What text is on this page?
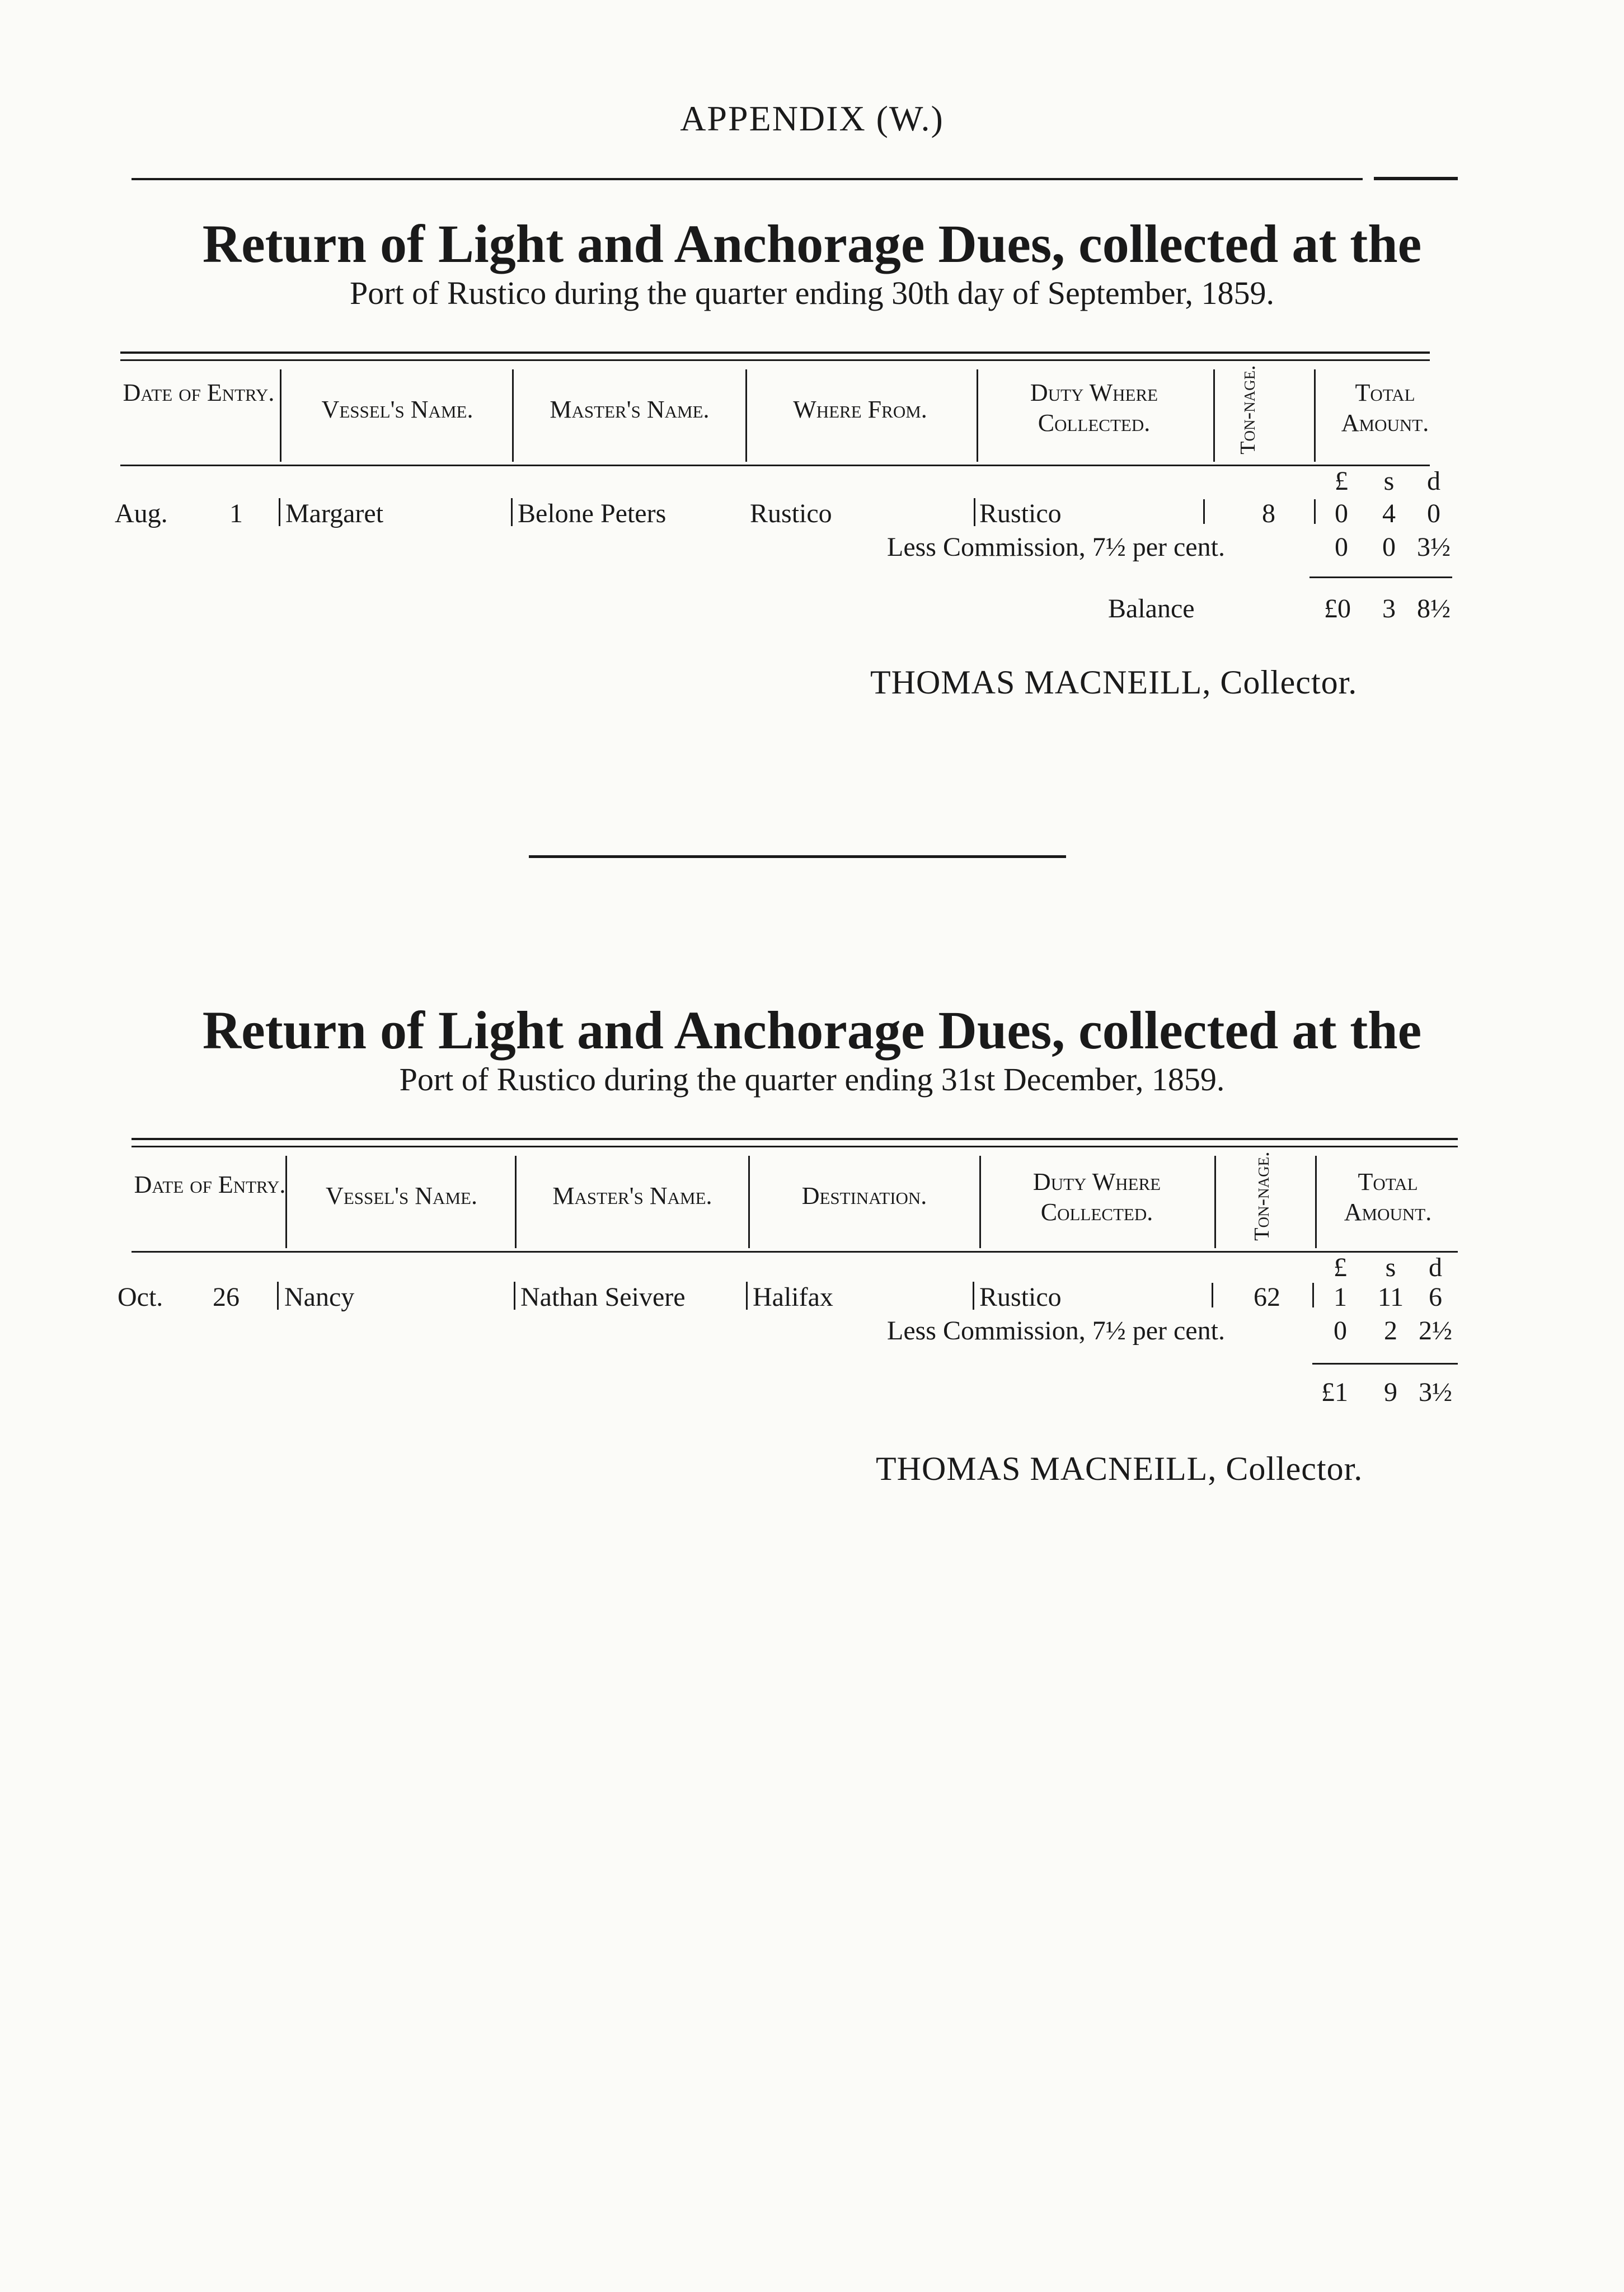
APPENDIX (W.)
Return of Light and Anchorage Dues, collected at the
Port of Rustico during the quarter ending 30th day of September, 1859.
Date of Entry.
Vessel's Name.	Master's Name.	Where From.
Duty Where Collected.	Ton-nage.	Total Amount.
£	s	d
Aug. 1 Margaret	Belone Peters	Rustico	Rustico	8	0	4	0
Less Commission, 7½ per cent.	0	0 3½
Balance	£0	3 8½
THOMAS MACNEILL, Collector.
Return of Light and Anchorage Dues, collected at the
Port of Rustico during the quarter ending 31st December, 1859.
Date of Entry.	Vessel's Name.	Master's Name.	Destination.
Duty Where Collected.	Ton-nage.	Total Amount.
£	s	d
Oct. 26 Nancy	Nathan Seivere	Halifax	Rustico	62	1	11 6
Less Commission, 7½ per cent.	0	2 2½
£1	9 3½
THOMAS MACNEILL, Collector.
